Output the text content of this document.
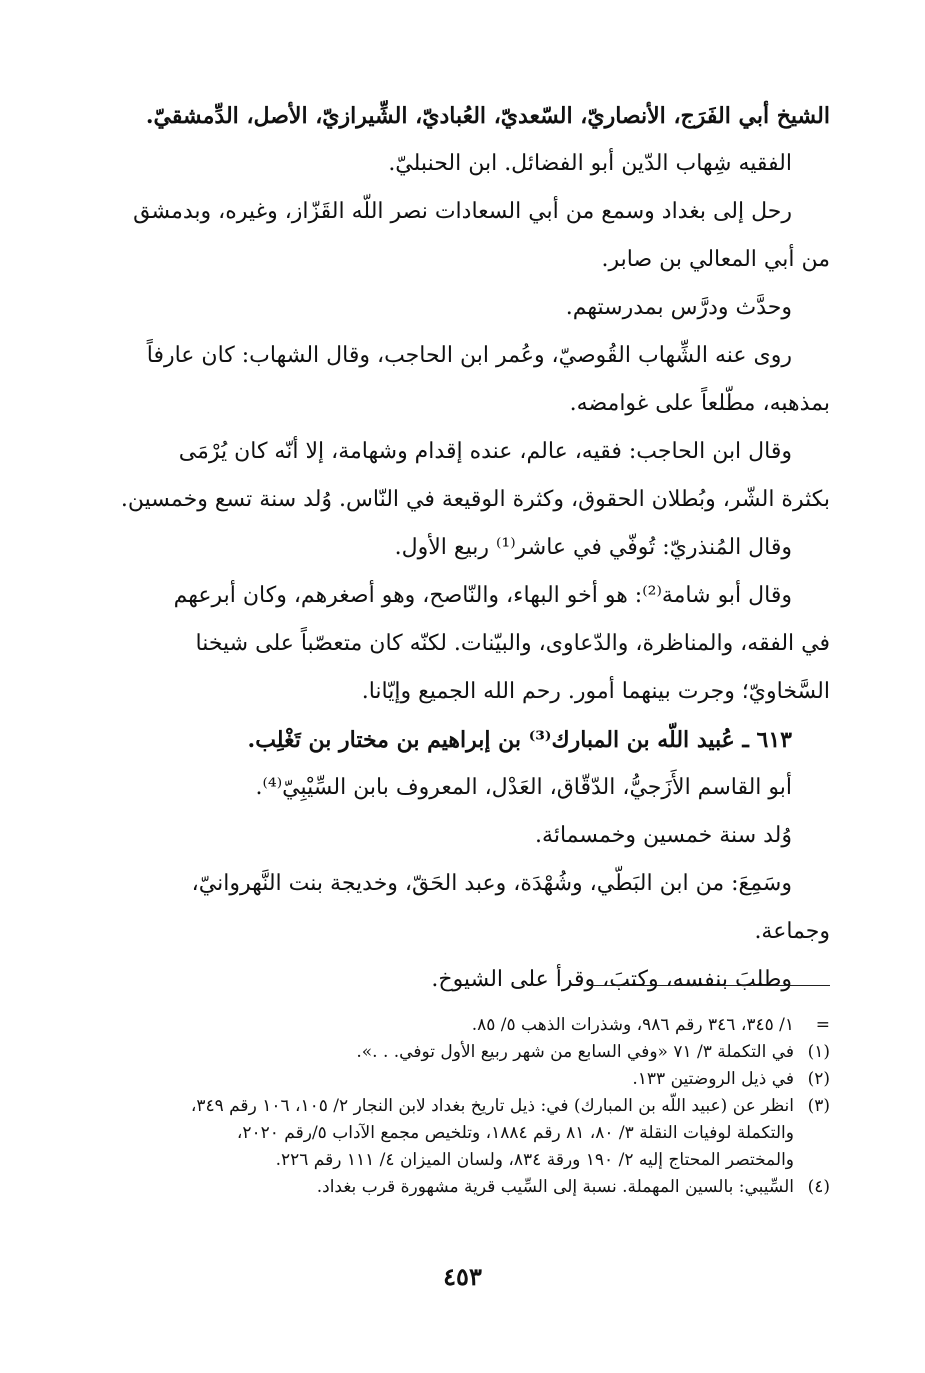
الشيخ أبي الفَرَج، الأنصاريّ، السّعديّ، العُباديّ، الشِّيرازيّ، الأصل، الدِّمشقيّ.
الفقيه شِهاب الدّين أبو الفضائل. ابن الحنبليّ.
رحل إلى بغداد وسمع من أبي السعادات نصر اللّه القَزّاز، وغيره، وبدمشق
من أبي المعالي بن صابر.
وحدَّث ودرَّس بمدرستهم.
روى عنه الشِّهاب القُوصيّ، وعُمر ابن الحاجب، وقال الشهاب: كان عارفاً
بمذهبه، مطّلعاً على غوامضه.
وقال ابن الحاجب: فقيه، عالم، عنده إقدام وشهامة، إلا أنّه كان يُرْمَى
بكثرة الشّر، وبُطلان الحقوق، وكثرة الوقيعة في النّاس. وُلد سنة تسع وخمسين.
وقال المُنذريّ: تُوفّي في عاشر⁽¹⁾ ربيع الأول.
وقال أبو شامة⁽²⁾: هو أخو البهاء، والنّاصح، وهو أصغرهم، وكان أبرعهم
في الفقه، والمناظرة، والدّعاوى، والبيّنات. لكنّه كان متعصّباً على شيخنا
السَّخاويّ؛ وجرت بينهما أمور. رحم الله الجميع وإيّانا.
٦١٣ ـ عُبيد اللّه بن المبارك⁽³⁾ بن إبراهيم بن مختار بن تَغْلِب.
أبو القاسم الأَزَجيُّ، الدّقّاق، العَدْل، المعروف بابن السِّيْبِيّ⁽⁴⁾.
وُلد سنة خمسين وخمسمائة.
وسَمِعَ: من ابن البَطّي، وشُهْدَة، وعبد الحَقّ، وخديجة بنت النَّهروانيّ،
وجماعة.
وطلبَ بنفسه، وكتبَ، وقرأ على الشيوخ.
=
١/ ٣٤٥، ٣٤٦ رقم ٩٨٦، وشذرات الذهب ٥/ ٨٥.
(١)
في التكملة ٣/ ٧١ «وفي السابع من شهر ربيع الأول توفي. . .».
(٢)
في ذيل الروضتين ١٣٣.
(٣)
انظر عن (عبيد اللّه بن المبارك) في: ذيل تاريخ بغداد لابن النجار ٢/ ١٠٥، ١٠٦ رقم ٣٤٩،
والتكملة لوفيات النقلة ٣/ ٨٠، ٨١ رقم ١٨٨٤، وتلخيص مجمع الآداب ٥/رقم ٢٠٢٠،
والمختصر المحتاج إليه ٢/ ١٩٠ ورقة ٨٣٤، ولسان الميزان ٤/ ١١١ رقم ٢٢٦.
(٤)
السِّيبي: بالسين المهملة. نسبة إلى السِّيب قرية مشهورة قرب بغداد.
٤٥٣
